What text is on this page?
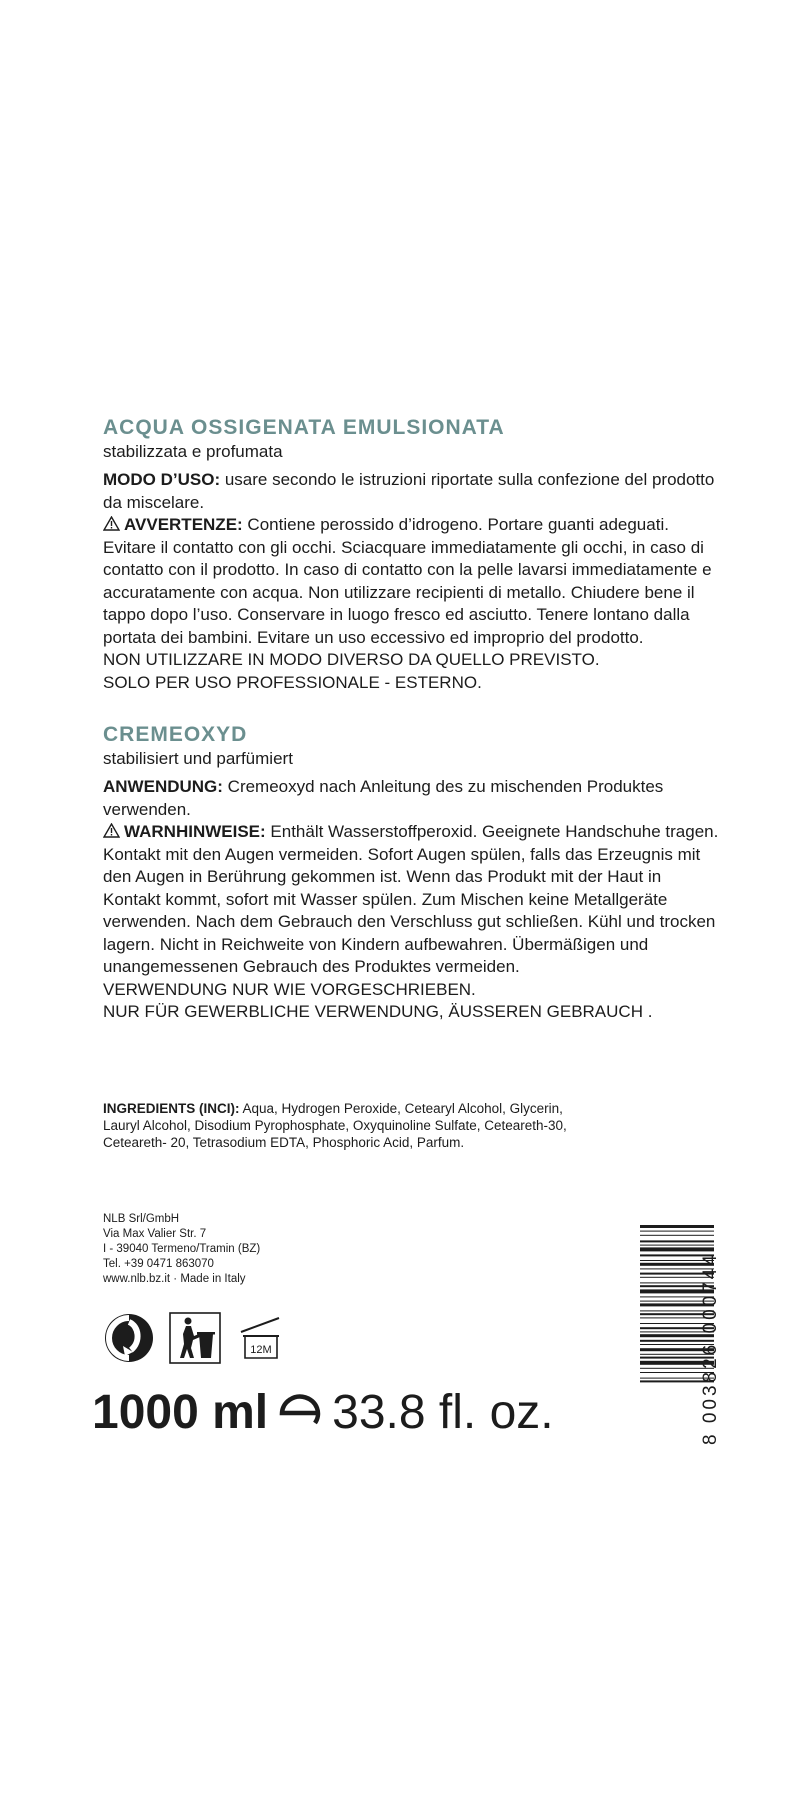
ACQUA OSSIGENATA EMULSIONATA

stabilizzata e profumata

MODO D’USO: usare secondo le istruzioni riportate sulla confezione del prodotto da miscelare.

AVVERTENZE: Contiene perossido d’idrogeno. Portare guanti adeguati. Evitare il contatto con gli occhi. Sciacquare immediatamente gli occhi, in caso di contatto con il prodotto. In caso di contatto con la pelle lavarsi immediatamente e accuratamente con acqua. Non utilizzare recipienti di metallo. Chiudere bene il tappo dopo l’uso. Conservare in luogo fresco ed asciutto. Tenere lontano dalla portata dei bambini. Evitare un uso eccessivo ed improprio del prodotto.

NON UTILIZZARE IN MODO DIVERSO DA QUELLO PREVISTO.

SOLO PER USO PROFESSIONALE - ESTERNO.

CREMEOXYD

stabilisiert und parfümiert

ANWENDUNG: Cremeoxyd nach Anleitung des zu mischenden Produktes verwenden.

WARNHINWEISE: Enthält Wasserstoffperoxid. Geeignete Handschuhe tragen. Kontakt mit den Augen vermeiden. Sofort Augen spülen, falls das Erzeugnis mit den Augen in Berührung gekommen ist. Wenn das Produkt mit der Haut in Kontakt kommt, sofort mit Wasser spülen. Zum Mischen keine Metallgeräte verwenden. Nach dem Gebrauch den Verschluss gut schließen. Kühl und trocken lagern. Nicht in Reichweite von Kindern aufbewahren. Übermäßigen und unangemessenen Gebrauch des Produktes vermeiden.

VERWENDUNG NUR WIE VORGESCHRIEBEN.

NUR FÜR GEWERBLICHE VERWENDUNG, ÄUSSEREN GEBRAUCH .

INGREDIENTS (INCI): Aqua, Hydrogen Peroxide, Cetearyl Alcohol, Glycerin, Lauryl Alcohol, Disodium Pyrophosphate, Oxyquinoline Sulfate, Ceteareth-30, Ceteareth- 20, Tetrasodium EDTA, Phosphoric Acid, Parfum.
NLB Srl/GmbH
Via Max Valier Str. 7
I - 39040 Termeno/Tramin (BZ)
Tel. +39 0471 863070
www.nlb.bz.it · Made in Italy
12M
1000 ml 33.8 fl. oz.	8 003826 000744
